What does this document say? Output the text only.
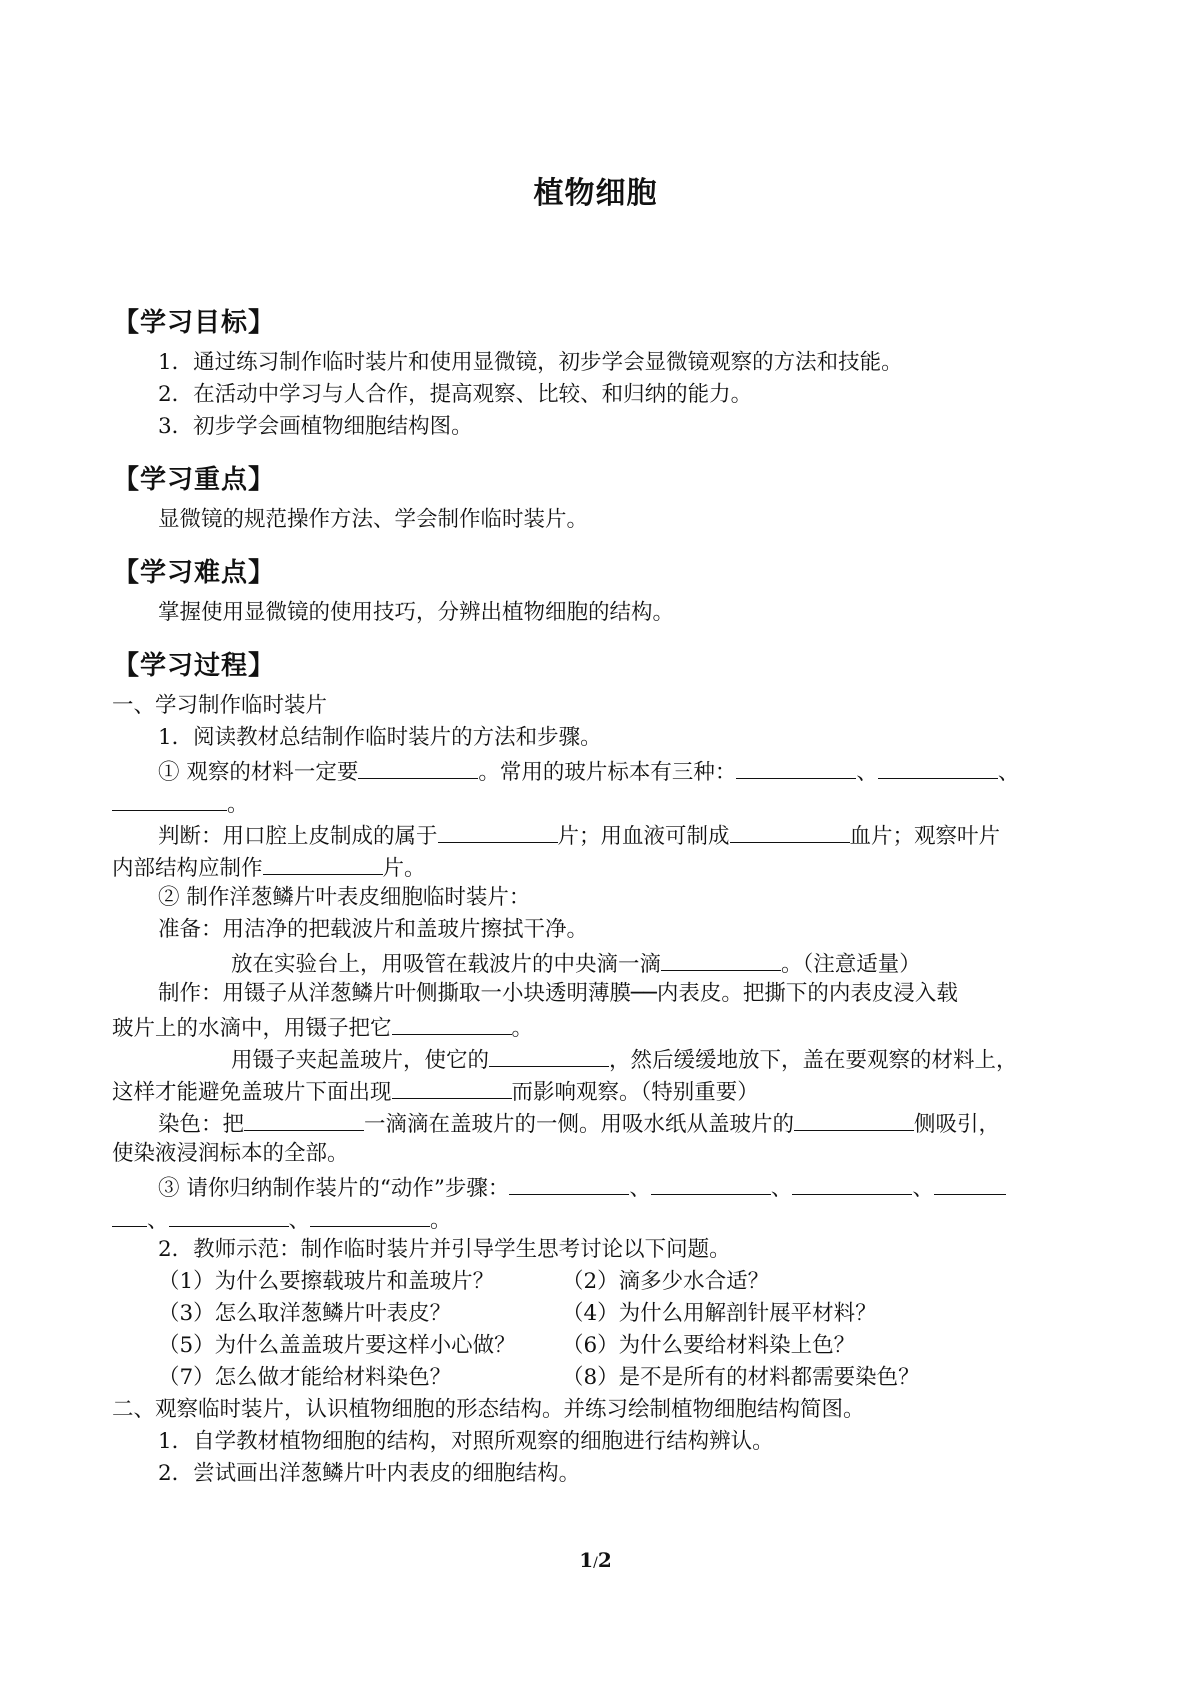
植物细胞
【学习目标】
1．通过练习制作临时装片和使用显微镜，初步学会显微镜观察的方法和技能。
2．在活动中学习与人合作，提高观察、比较、和归纳的能力。
3．初步学会画植物细胞结构图。
【学习重点】
显微镜的规范操作方法、学会制作临时装片。
【学习难点】
掌握使用显微镜的使用技巧，分辨出植物细胞的结构。
【学习过程】
一、学习制作临时装片
1．阅读教材总结制作临时装片的方法和步骤。
① 观察的材料一定要	。常用的玻片标本有三种：	、	、
。
判断：用口腔上皮制成的属于	片；用血液可制成	血片；观察叶片
内部结构应制作	片。
② 制作洋葱鳞片叶表皮细胞临时装片：
准备：用洁净的把载波片和盖玻片擦拭干净。
放在实验台上，用吸管在载波片的中央滴一滴	。（注意适量）
制作：用镊子从洋葱鳞片叶侧撕取一小块透明薄膜──内表皮。把撕下的内表皮浸入载
玻片上的水滴中，用镊子把它	。
用镊子夹起盖玻片，使它的	，然后缓缓地放下，盖在要观察的材料上，
这样才能避免盖玻片下面出现	而影响观察。（特别重要）
染色：把	一滴滴在盖玻片的一侧。用吸水纸从盖玻片的	侧吸引，
使染液浸润标本的全部。
③ 请你归纳制作装片的“动作”步骤：	、	、	、
、	、	。
2．教师示范：制作临时装片并引导学生思考讨论以下问题。
（1）为什么要擦载玻片和盖玻片？	（2）滴多少水合适？
（3）怎么取洋葱鳞片叶表皮？	（4）为什么用解剖针展平材料？
（5）为什么盖盖玻片要这样小心做？ （6）为什么要给材料染上色？
（7）怎么做才能给材料染色？	（8）是不是所有的材料都需要染色？
二、观察临时装片，认识植物细胞的形态结构。并练习绘制植物细胞结构简图。
1．自学教材植物细胞的结构，对照所观察的细胞进行结构辨认。
2．尝试画出洋葱鳞片叶内表皮的细胞结构。
1/2
